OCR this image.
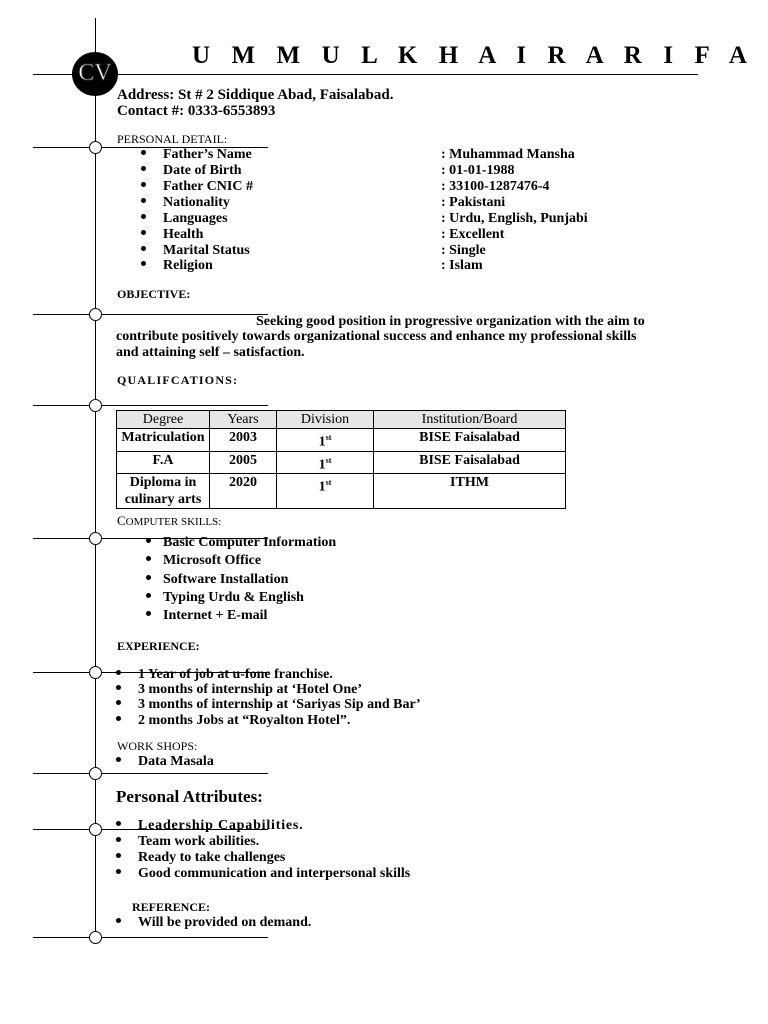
CV
U M M U L K H A I R A R I F A
Address: St # 2 Siddique Abad, Faisalabad.
Contact #: 0333-6553893
PERSONAL DETAIL:
Father’s Name	: Muhammad Mansha
Date of Birth	: 01-01-1988
Father CNIC #	: 33100-1287476-4
Nationality	: Pakistani
Languages	: Urdu, English, Punjabi
Health	: Excellent
Marital Status	: Single
Religion	: Islam
OBJECTIVE:
Seeking good position in progressive organization with the aim to
contribute positively towards organizational success and enhance my professional skills
and attaining self – satisfaction.
QUALIFCATIONS:
Degree	Years	Division	Institution/Board
Matriculation	2003	1st	BISE Faisalabad
F.A	2005	1st	BISE Faisalabad
Diploma in
culinary arts	2020	1st	ITHM
COMPUTER SKILLS:
Basic Computer Information
Microsoft Office
Software Installation
Typing Urdu & English
Internet + E-mail
EXPERIENCE:
1 Year of job at u-fone franchise.
3 months of internship at ‘Hotel One’
3 months of internship at ‘Sariyas Sip and Bar’
2 months Jobs at “Royalton Hotel”.
WORK SHOPS:
Data Masala
Personal Attributes:
Leadership Capabilities.
Team work abilities.
Ready to take challenges
Good communication and interpersonal skills
REFERENCE:
Will be provided on demand.
